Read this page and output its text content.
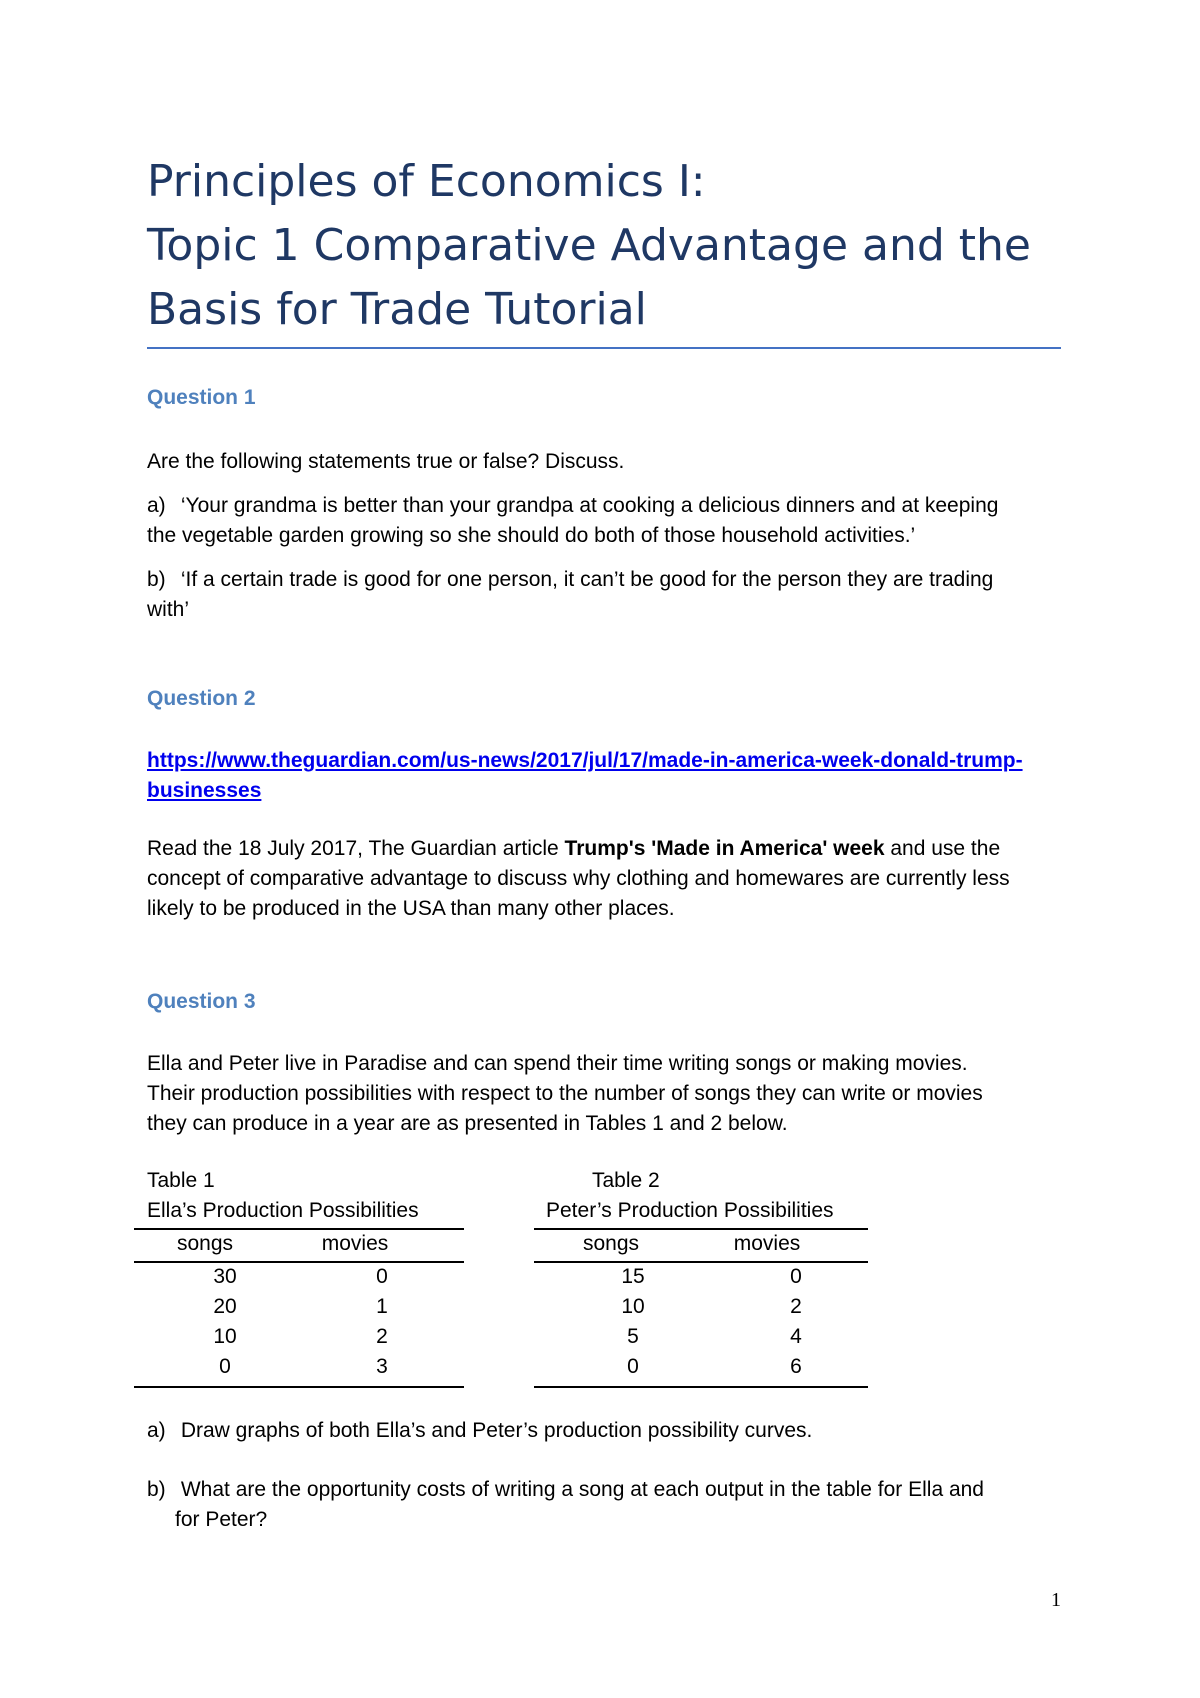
Principles of Economics I:
Topic 1 Comparative Advantage and the
Basis for Trade Tutorial
Question 1
Are the following statements true or false? Discuss.
a) ‘Your grandma is better than your grandpa at cooking a delicious dinners and at keeping
the vegetable garden growing so she should do both of those household activities.’
b) ‘If a certain trade is good for one person, it can’t be good for the person they are trading
with’
Question 2
https://www.theguardian.com/us-news/2017/jul/17/made-in-america-week-donald-trump-
businesses
Read the 18 July 2017, The Guardian article Trump's 'Made in America' week and use the
concept of comparative advantage to discuss why clothing and homewares are currently less
likely to be produced in the USA than many other places.
Question 3
Ella and Peter live in Paradise and can spend their time writing songs or making movies.
Their production possibilities with respect to the number of songs they can write or movies
they can produce in a year are as presented in Tables 1 and 2 below.
Table 1
Ella’s Production Possibilities
songs	movies
30	0
20	1
10	2
0	3
Table 2
Peter’s Production Possibilities
songs	movies
15	0
10	2
5	4
0	6
a) Draw graphs of both Ella’s and Peter’s production possibility curves.
b) What are the opportunity costs of writing a song at each output in the table for Ella and
for Peter?
1
